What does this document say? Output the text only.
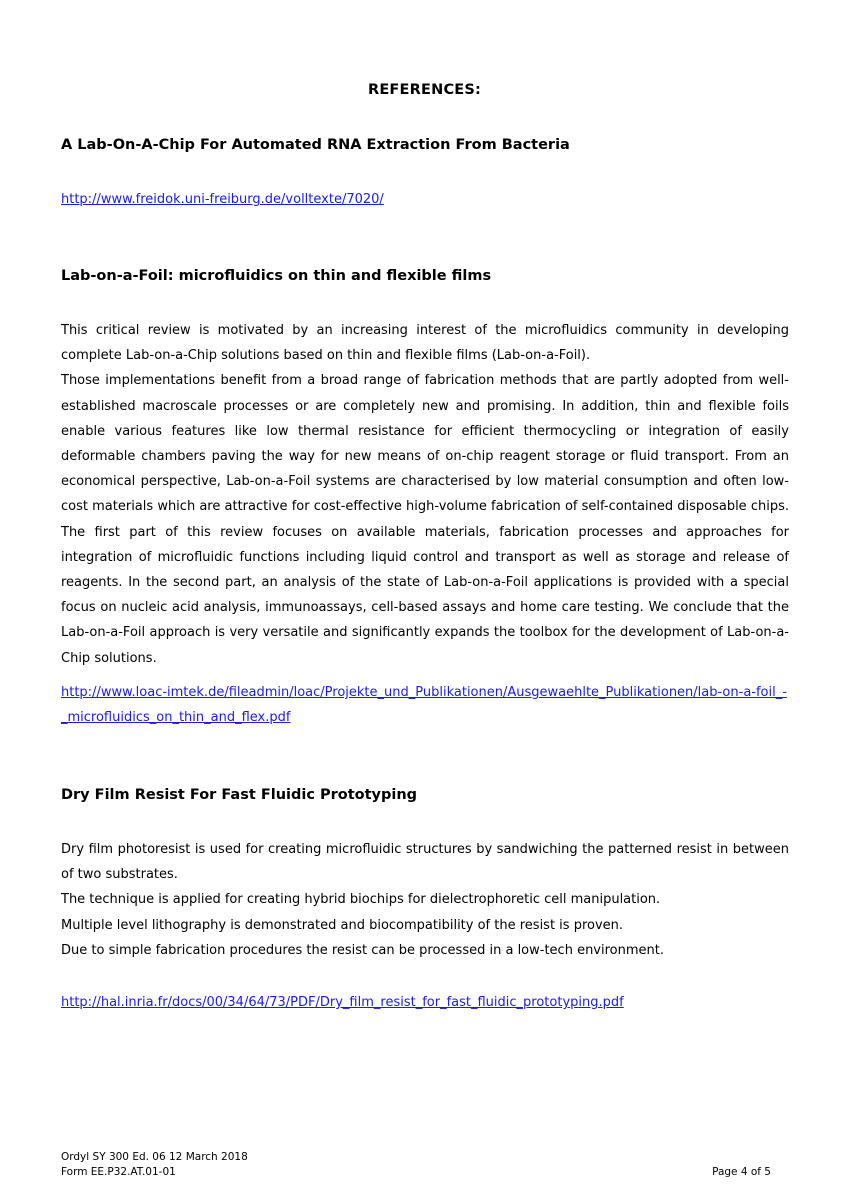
REFERENCES:
A Lab-On-A-Chip For Automated RNA Extraction From Bacteria
http://www.freidok.uni-freiburg.de/volltexte/7020/
Lab-on-a-Foil: microfluidics on thin and flexible films

This critical review is motivated by an increasing interest of the microfluidics community in developing complete Lab-on-a-Chip solutions based on thin and flexible films (Lab-on-a-Foil).

Those implementations benefit from a broad range of fabrication methods that are partly adopted from well-established macroscale processes or are completely new and promising. In addition, thin and flexible foils enable various features like low thermal resistance for efficient thermocycling or integration of easily deformable chambers paving the way for new means of on-chip reagent storage or fluid transport. From an economical perspective, Lab-on-a-Foil systems are characterised by low material consumption and often low-cost materials which are attractive for cost-effective high-volume fabrication of self-contained disposable chips. The first part of this review focuses on available materials, fabrication processes and approaches for integration of microfluidic functions including liquid control and transport as well as storage and release of reagents. In the second part, an analysis of the state of Lab-on-a-Foil applications is provided with a special focus on nucleic acid analysis, immunoassays, cell-based assays and home care testing. We conclude that the Lab-on-a-Foil approach is very versatile and significantly expands the toolbox for the development of Lab-on-a-Chip solutions.

http://www.loac-imtek.de/fileadmin/loac/Projekte_und_Publikationen/Ausgewaehlte_Publikationen/lab-on-a-foil_-_microfluidics_on_thin_and_flex.pdf
Dry Film Resist For Fast Fluidic Prototyping

Dry film photoresist is used for creating microfluidic structures by sandwiching the patterned resist in between of two substrates.

The technique is applied for creating hybrid biochips for dielectrophoretic cell manipulation.

Multiple level lithography is demonstrated and biocompatibility of the resist is proven.

Due to simple fabrication procedures the resist can be processed in a low-tech environment.

http://hal.inria.fr/docs/00/34/64/73/PDF/Dry_film_resist_for_fast_fluidic_prototyping.pdf
Ordyl SY 300 Ed. 06 12 March 2018
Form EE.P32.AT.01-01	Page 4 of 5
